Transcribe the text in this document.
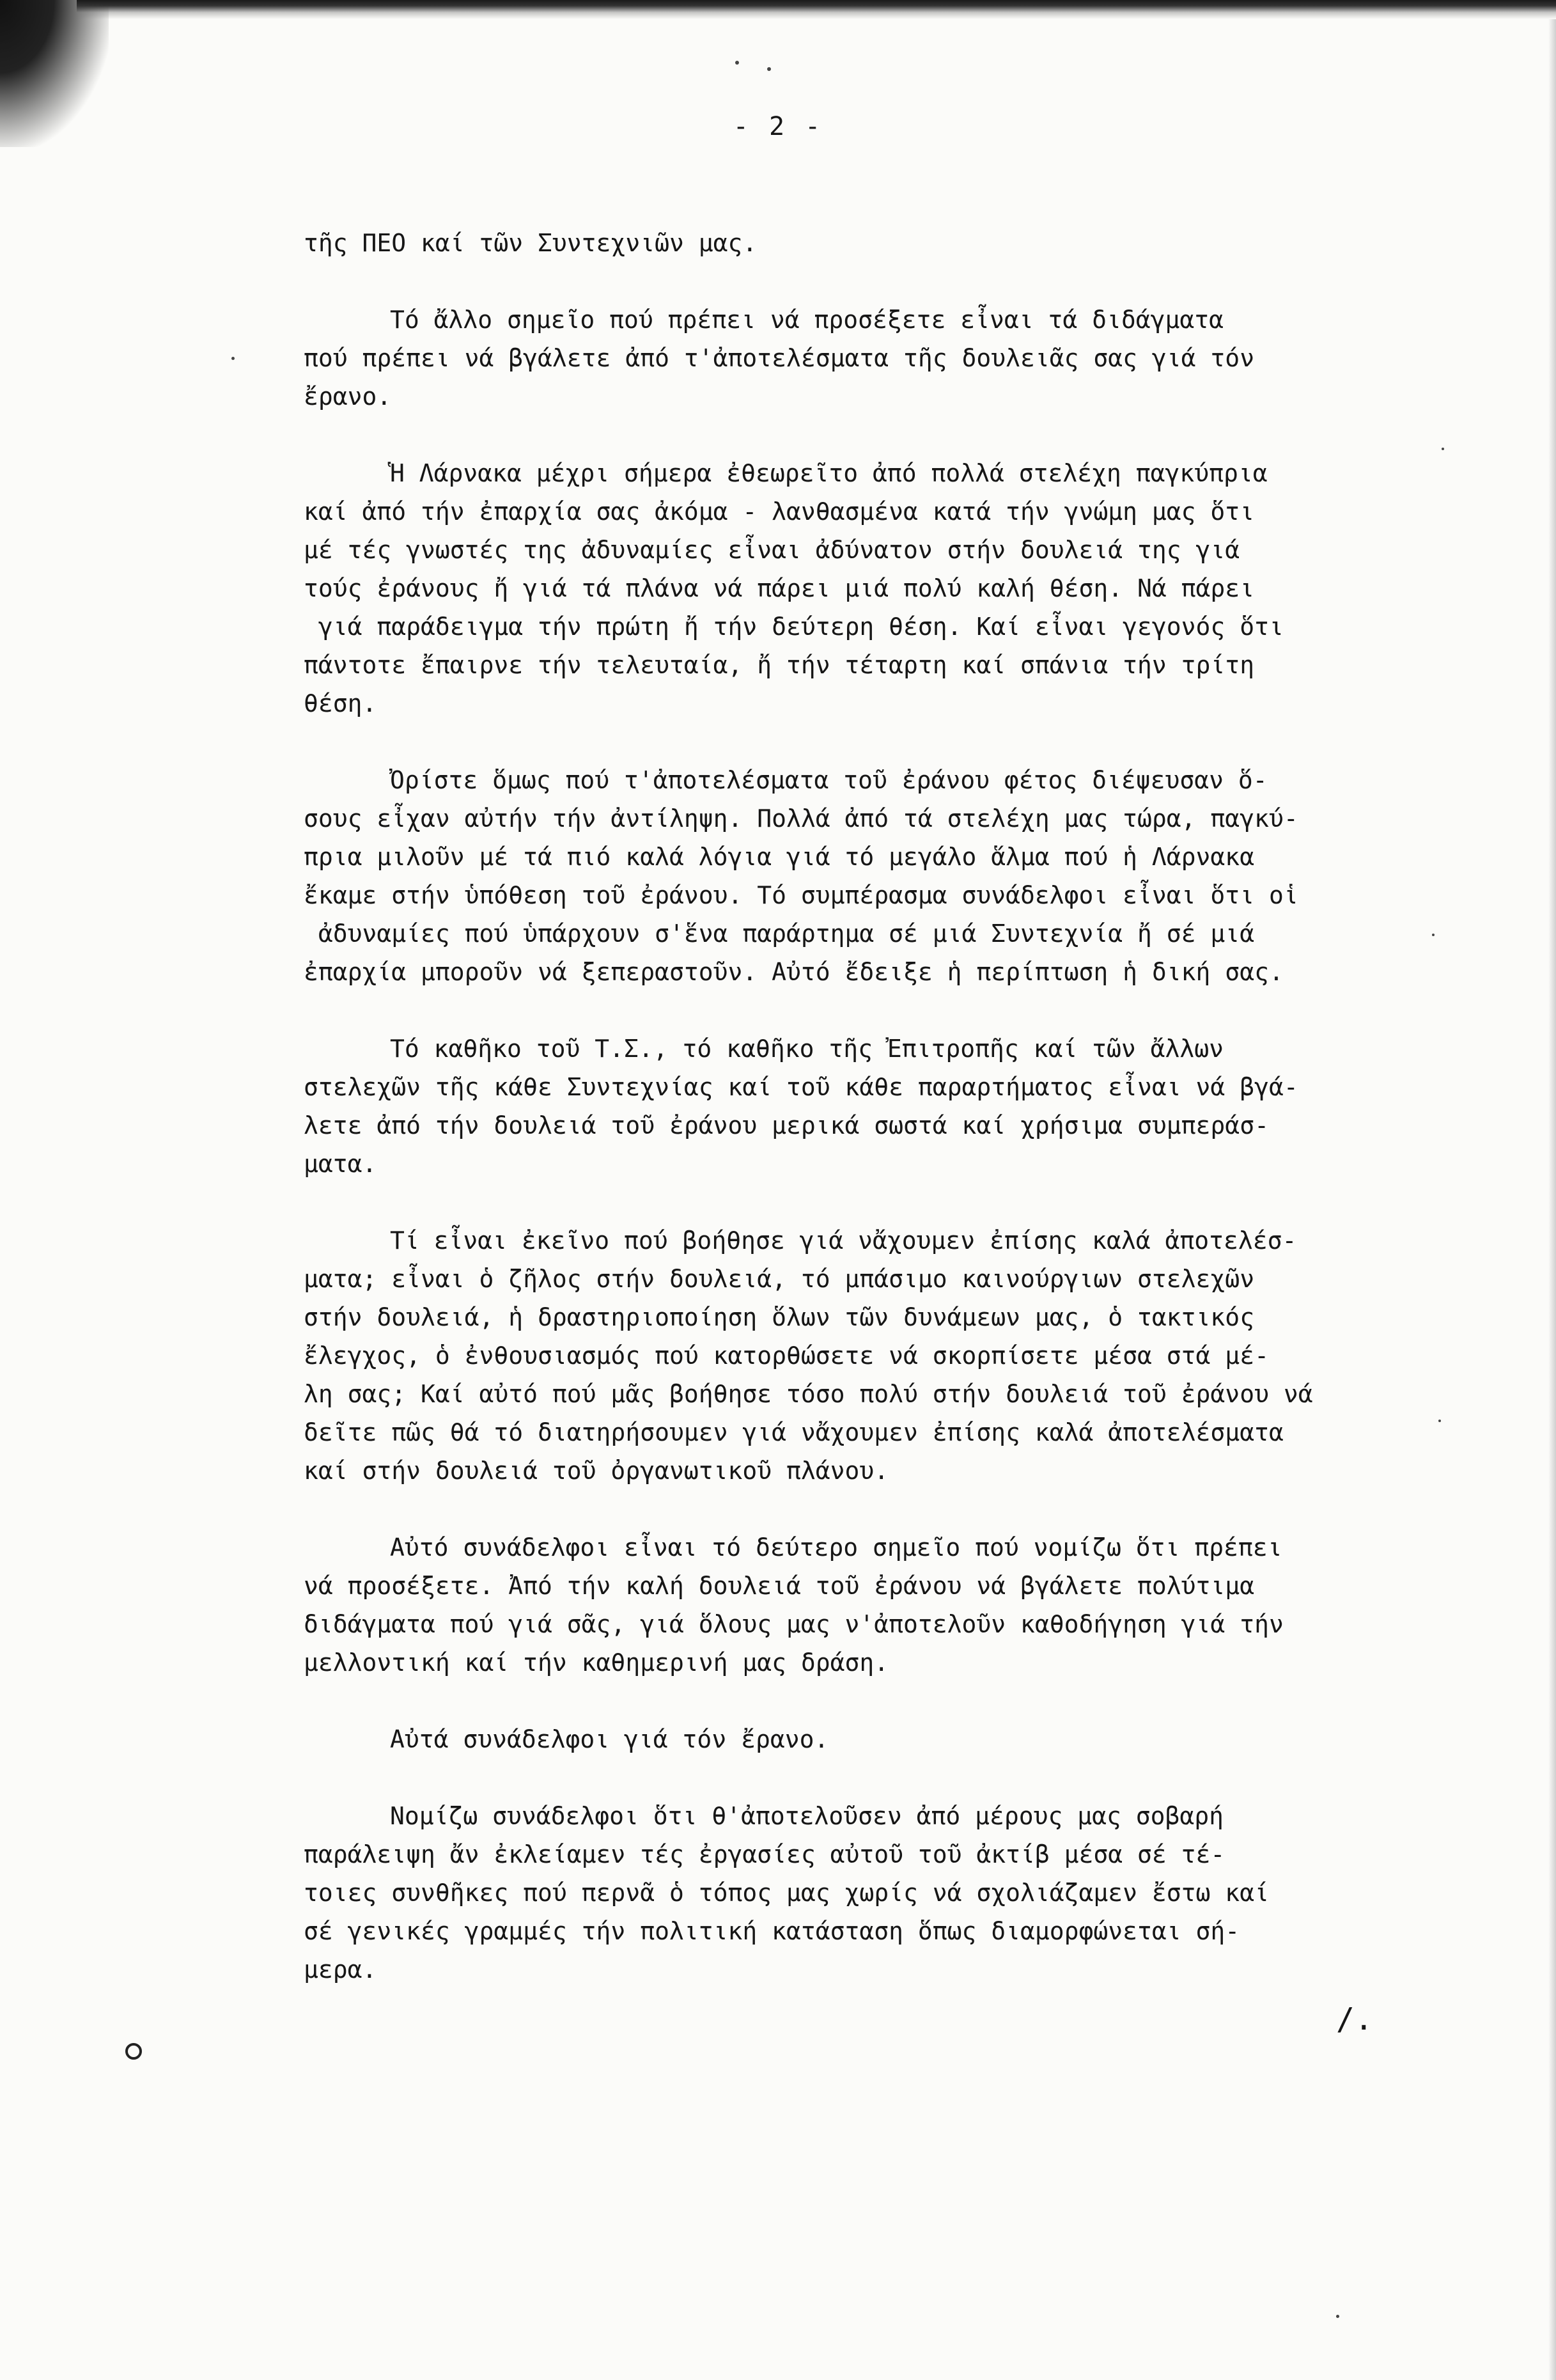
- 2 -
τῆς ΠΕΟ καί τῶν Συντεχνιῶν μας.
Τό ἄλλο σημεῖο πού πρέπει νά προσέξετε εἶναι τά διδάγματα
πού πρέπει νά βγάλετε ἀπό τ'ἀποτελέσματα τῆς δουλειᾶς σας γιά τόν
ἔρανο.
Ἡ Λάρνακα μέχρι σήμερα ἐθεωρεῖτο ἀπό πολλά στελέχη παγκύπρια
καί ἀπό τήν ἐπαρχία σας ἀκόμα - λανθασμένα κατά τήν γνώμη μας ὅτι
μέ τές γνωστές της ἀδυναμίες εἶναι ἀδύνατον στήν δουλειά της γιά
τούς ἐράνους ἤ γιά τά πλάνα νά πάρει μιά πολύ καλή θέση. Νά πάρει
γιά παράδειγμα τήν πρώτη ἤ τήν δεύτερη θέση. Καί εἶναι γεγονός ὅτι
πάντοτε ἔπαιρνε τήν τελευταία, ἤ τήν τέταρτη καί σπάνια τήν τρίτη
θέση.
Ὀρίστε ὅμως πού τ'ἀποτελέσματα τοῦ ἐράνου φέτος διέψευσαν ὅ-
σους εἶχαν αὐτήν τήν ἀντίληψη. Πολλά ἀπό τά στελέχη μας τώρα, παγκύ-
πρια μιλοῦν μέ τά πιό καλά λόγια γιά τό μεγάλο ἅλμα πού ἡ Λάρνακα
ἔκαμε στήν ὑπόθεση τοῦ ἐράνου. Τό συμπέρασμα συνάδελφοι εἶναι ὅτι οἱ
ἀδυναμίες πού ὑπάρχουν σ'ἕνα παράρτημα σέ μιά Συντεχνία ἤ σέ μιά
ἐπαρχία μποροῦν νά ξεπεραστοῦν. Αὐτό ἔδειξε ἡ περίπτωση ἡ δική σας.
Τό καθῆκο τοῦ Τ.Σ., τό καθῆκο τῆς Ἐπιτροπῆς καί τῶν ἄλλων
στελεχῶν τῆς κάθε Συντεχνίας καί τοῦ κάθε παραρτήματος εἶναι νά βγά-
λετε ἀπό τήν δουλειά τοῦ ἐράνου μερικά σωστά καί χρήσιμα συμπεράσ-
ματα.
Τί εἶναι ἐκεῖνο πού βοήθησε γιά νἄχουμεν ἐπίσης καλά ἀποτελέσ-
ματα; εἶναι ὁ ζῆλος στήν δουλειά, τό μπάσιμο καινούργιων στελεχῶν
στήν δουλειά, ἡ δραστηριοποίηση ὅλων τῶν δυνάμεων μας, ὁ τακτικός
ἔλεγχος, ὁ ἐνθουσιασμός πού κατορθώσετε νά σκορπίσετε μέσα στά μέ-
λη σας; Καί αὐτό πού μᾶς βοήθησε τόσο πολύ στήν δουλειά τοῦ ἐράνου νά
δεῖτε πῶς θά τό διατηρήσουμεν γιά νἄχουμεν ἐπίσης καλά ἀποτελέσματα
καί στήν δουλειά τοῦ ὀργανωτικοῦ πλάνου.
Αὐτό συνάδελφοι εἶναι τό δεύτερο σημεῖο πού νομίζω ὅτι πρέπει
νά προσέξετε. Ἀπό τήν καλή δουλειά τοῦ ἐράνου νά βγάλετε πολύτιμα
διδάγματα πού γιά σᾶς, γιά ὅλους μας ν'ἀποτελοῦν καθοδήγηση γιά τήν
μελλοντική καί τήν καθημερινή μας δράση.
Αὐτά συνάδελφοι γιά τόν ἔρανο.
Νομίζω συνάδελφοι ὅτι θ'ἀποτελοῦσεν ἀπό μέρους μας σοβαρή
παράλειψη ἄν ἐκλείαμεν τές ἐργασίες αὐτοῦ τοῦ ἀκτίβ μέσα σέ τέ-
τοιες συνθῆκες πού περνᾶ ὁ τόπος μας χωρίς νά σχολιάζαμεν ἔστω καί
σέ γενικές γραμμές τήν πολιτική κατάσταση ὅπως διαμορφώνεται σή-
μερα.
/.
